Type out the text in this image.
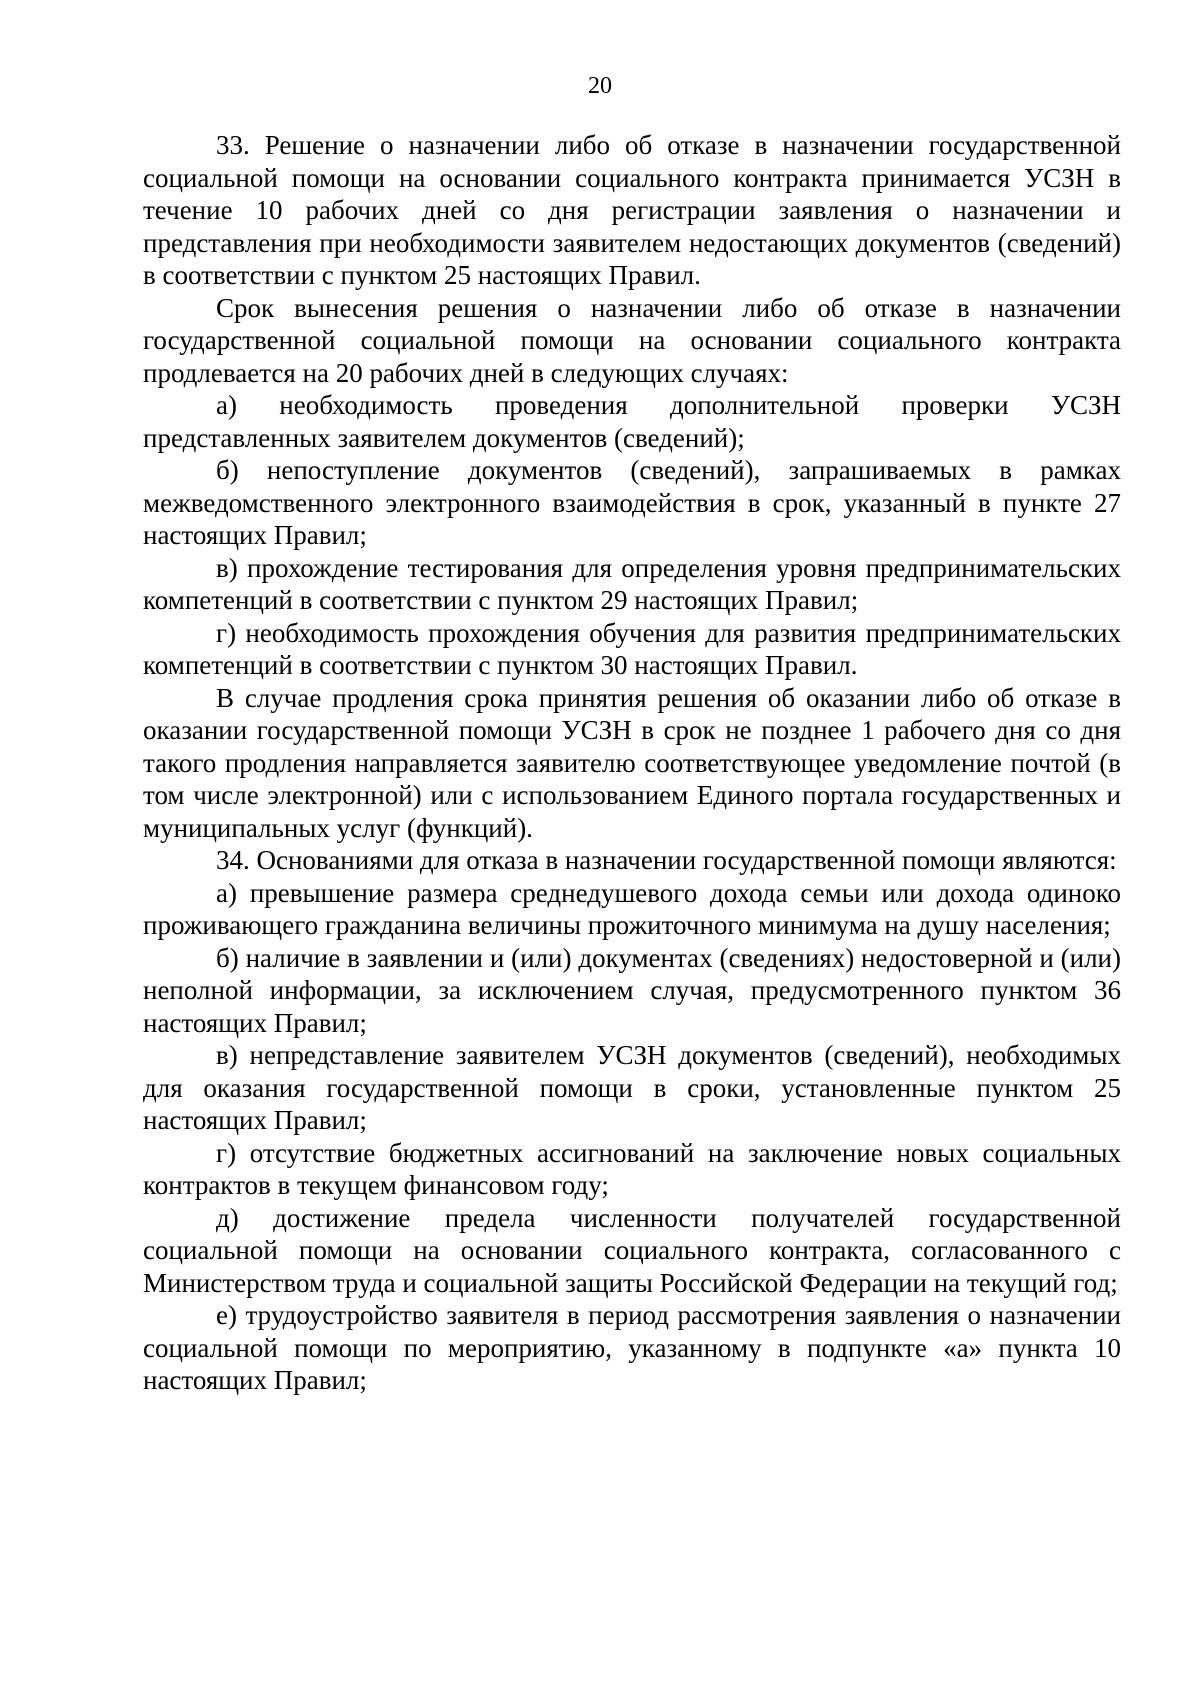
20

33. Решение о назначении либо об отказе в назначении государственной социальной помощи на основании социального контракта принимается УСЗН в течение 10 рабочих дней со дня регистрации заявления о назначении и представления при необходимости заявителем недостающих документов (сведений) в соответствии с пунктом 25 настоящих Правил.

Срок вынесения решения о назначении либо об отказе в назначении государственной социальной помощи на основании социального контракта продлевается на 20 рабочих дней в следующих случаях:

а) необходимость проведения дополнительной проверки УСЗН представленных заявителем документов (сведений);

б) непоступление документов (сведений), запрашиваемых в рамках межведомственного электронного взаимодействия в срок, указанный в пункте 27 настоящих Правил;

в) прохождение тестирования для определения уровня предпринимательских компетенций в соответствии с пунктом 29 настоящих Правил;

г) необходимость прохождения обучения для развития предпринимательских компетенций в соответствии с пунктом 30 настоящих Правил.

В случае продления срока принятия решения об оказании либо об отказе в оказании государственной помощи УСЗН в срок не позднее 1 рабочего дня со дня такого продления направляется заявителю соответствующее уведомление почтой (в том числе электронной) или с использованием Единого портала государственных и муниципальных услуг (функций).

34. Основаниями для отказа в назначении государственной помощи являются:

а) превышение размера среднедушевого дохода семьи или дохода одиноко проживающего гражданина величины прожиточного минимума на душу населения;

б) наличие в заявлении и (или) документах (сведениях) недостоверной и (или) неполной информации, за исключением случая, предусмотренного пунктом 36 настоящих Правил;

в) непредставление заявителем УСЗН документов (сведений), необходимых для оказания государственной помощи в сроки, установленные пунктом 25 настоящих Правил;

г) отсутствие бюджетных ассигнований на заключение новых социальных контрактов в текущем финансовом году;

д) достижение предела численности получателей государственной социальной помощи на основании социального контракта, согласованного с Министерством труда и социальной защиты Российской Федерации на текущий год;

е) трудоустройство заявителя в период рассмотрения заявления о назначении социальной помощи по мероприятию, указанному в подпункте «а» пункта 10 настоящих Правил;
